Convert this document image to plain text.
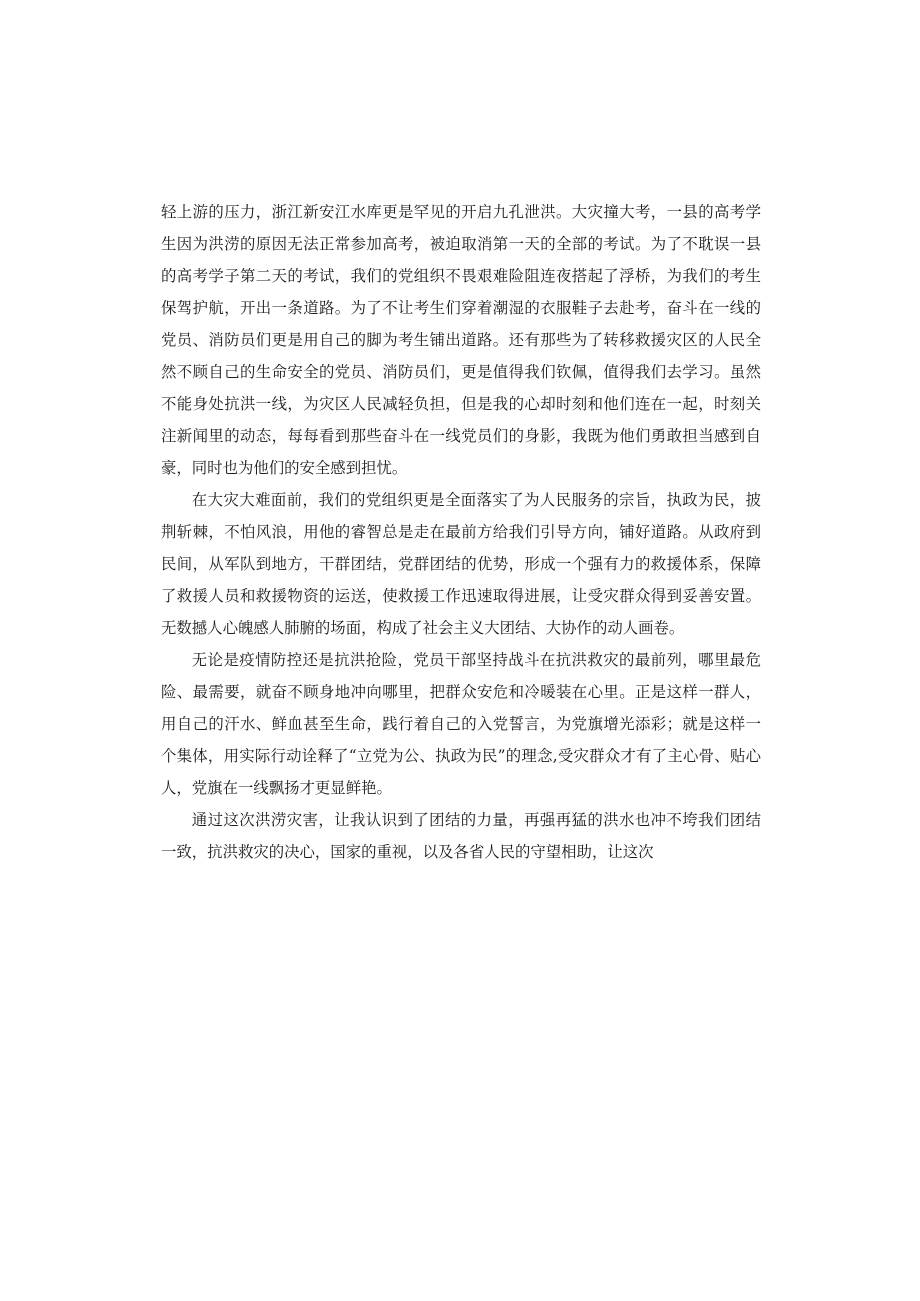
轻上游的压力，浙江新安江水库更是罕见的开启九孔泄洪。大灾撞大考，一县的高考学生因为洪涝的原因无法正常参加高考，被迫取消第一天的全部的考试。为了不耽误一县的高考学子第二天的考试，我们的党组织不畏艰难险阻连夜搭起了浮桥，为我们的考生保驾护航，开出一条道路。为了不让考生们穿着潮湿的衣服鞋子去赴考，奋斗在一线的党员、消防员们更是用自己的脚为考生铺出道路。还有那些为了转移救援灾区的人民全然不顾自己的生命安全的党员、消防员们，更是值得我们钦佩，值得我们去学习。虽然不能身处抗洪一线，为灾区人民减轻负担，但是我的心却时刻和他们连在一起，时刻关注新闻里的动态，每每看到那些奋斗在一线党员们的身影，我既为他们勇敢担当感到自豪，同时也为他们的安全感到担忧。

在大灾大难面前，我们的党组织更是全面落实了为人民服务的宗旨，执政为民，披荆斩棘，不怕风浪，用他的睿智总是走在最前方给我们引导方向，铺好道路。从政府到民间，从军队到地方，干群团结，党群团结的优势，形成一个强有力的救援体系，保障了救援人员和救援物资的运送，使救援工作迅速取得进展，让受灾群众得到妥善安置。无数撼人心魄感人肺腑的场面，构成了社会主义大团结、大协作的动人画卷。

无论是疫情防控还是抗洪抢险，党员干部坚持战斗在抗洪救灾的最前列，哪里最危险、最需要，就奋不顾身地冲向哪里，把群众安危和冷暖装在心里。正是这样一群人，用自己的汗水、鲜血甚至生命，践行着自己的入党誓言，为党旗增光添彩；就是这样一个集体，用实际行动诠释了“立党为公、执政为民”的理念,受灾群众才有了主心骨、贴心人，党旗在一线飘扬才更显鲜艳。

通过这次洪涝灾害，让我认识到了团结的力量，再强再猛的洪水也冲不垮我们团结一致，抗洪救灾的决心，国家的重视，以及各省人民的守望相助，让这次
